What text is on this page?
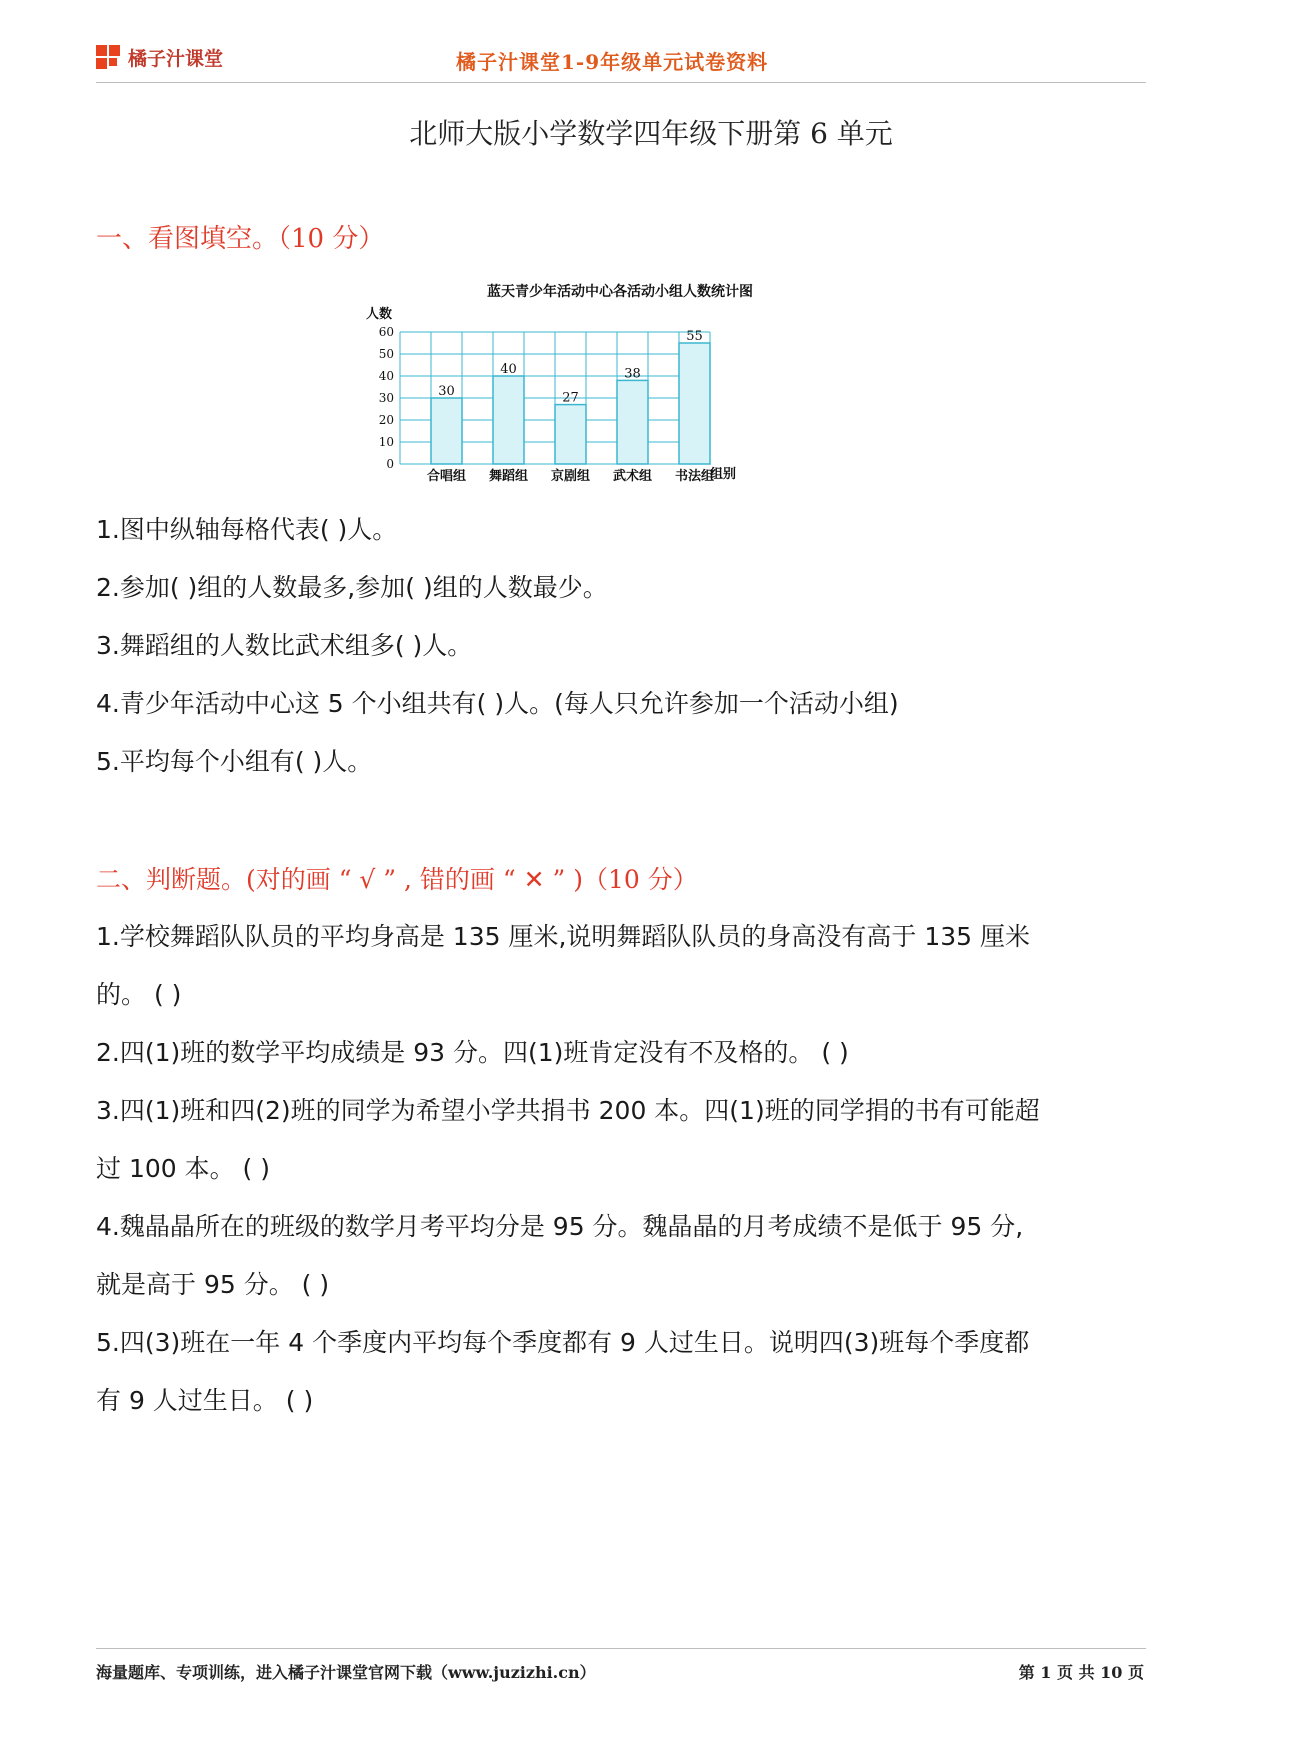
橘子汁课堂	橘子汁课堂1-9年级单元试卷资料
北师大版小学数学四年级下册第 6 单元
一、看图填空。（10 分）
蓝天青少年活动中心各活动小组人数统计图
人数
组别
30
40
27
38
55
0
10
20
30
40
50
60
合唱组 舞蹈组 京剧组 武术组 书法组
1.图中纵轴每格代表( )人。
2.参加( )组的人数最多,参加( )组的人数最少。
3.舞蹈组的人数比武术组多( )人。
4.青少年活动中心这 5 个小组共有( )人。(每人只允许参加一个活动小组)
5.平均每个小组有( )人。
二、判断题。(对的画 “ √ ” , 错的画 “ ✕ ” )（10 分）
1.学校舞蹈队队员的平均身高是 135 厘米,说明舞蹈队队员的身高没有高于 135 厘米
的。 ( )
2.四(1)班的数学平均成绩是 93 分。四(1)班肯定没有不及格的。 ( )
3.四(1)班和四(2)班的同学为希望小学共捐书 200 本。四(1)班的同学捐的书有可能超
过 100 本。 ( )
4.魏晶晶所在的班级的数学月考平均分是 95 分。魏晶晶的月考成绩不是低于 95 分,
就是高于 95 分。 ( )
5.四(3)班在一年 4 个季度内平均每个季度都有 9 人过生日。说明四(3)班每个季度都
有 9 人过生日。 ( )
海量题库、专项训练，进入橘子汁课堂官网下载（www.juzizhi.cn）	第 1 页 共 10 页
